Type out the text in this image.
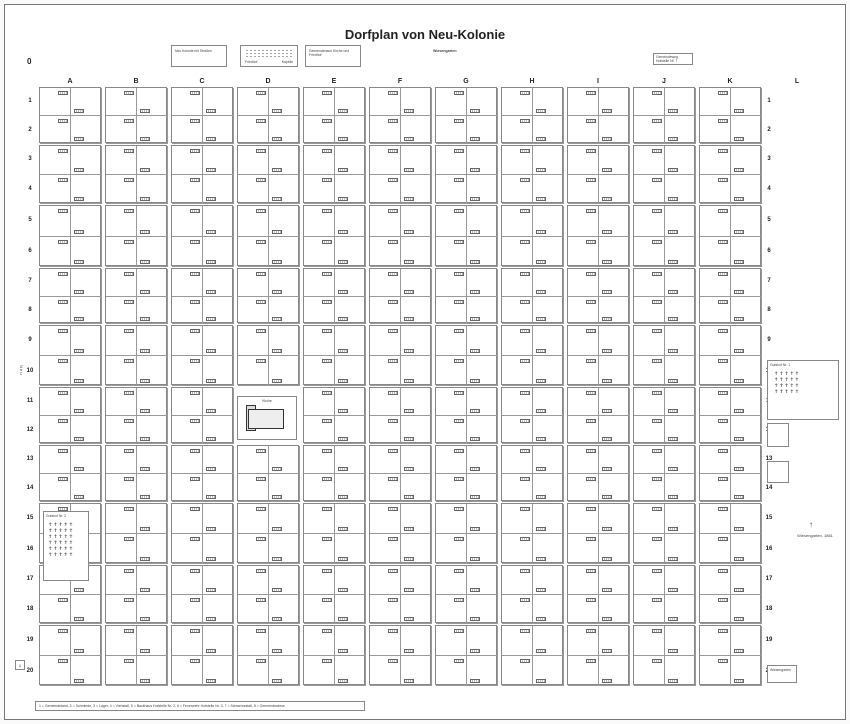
Dorfplan von Neu-Kolonie
0
Neu Kolonie mit Straßen
Friedhof	Kapelle
Gemeindehaus Kirche und Friedhof
Wiesengarten
Gemeindeweg Hofstelle Nr. 7
A	B	C	D	E	F	G	H	I	J	K	L
1	1
2	2
3	3
4	4
5	5
6	6
7	7
8	8
9	9
10
11
12
13	13
14	14
15	15
16	16
17	17
18	18
19	19
20
Kirche
Gutshof Nr. 1
✝✝✝✝✝
✝✝✝✝✝
✝✝✝✝✝
✝✝✝✝✝
Gutshof Nr. 2
✝✝✝✝✝
✝✝✝✝✝
✝✝✝✝✝
✝✝✝✝✝
✝✝✝✝✝
✝✝✝✝✝
Wiesengarten
N e u
1
↑
Wiesengarten, 1861
1 = Gemeindeland, 2 = Schmiede, 3 = Lager, 4 = Viehstall, 5 = Backhaus Hofstelle Nr. 2, 6 = Feuerwehr Hofstelle Nr. 3, 7 = Schweinestall, 8 = Gemeindewiese
